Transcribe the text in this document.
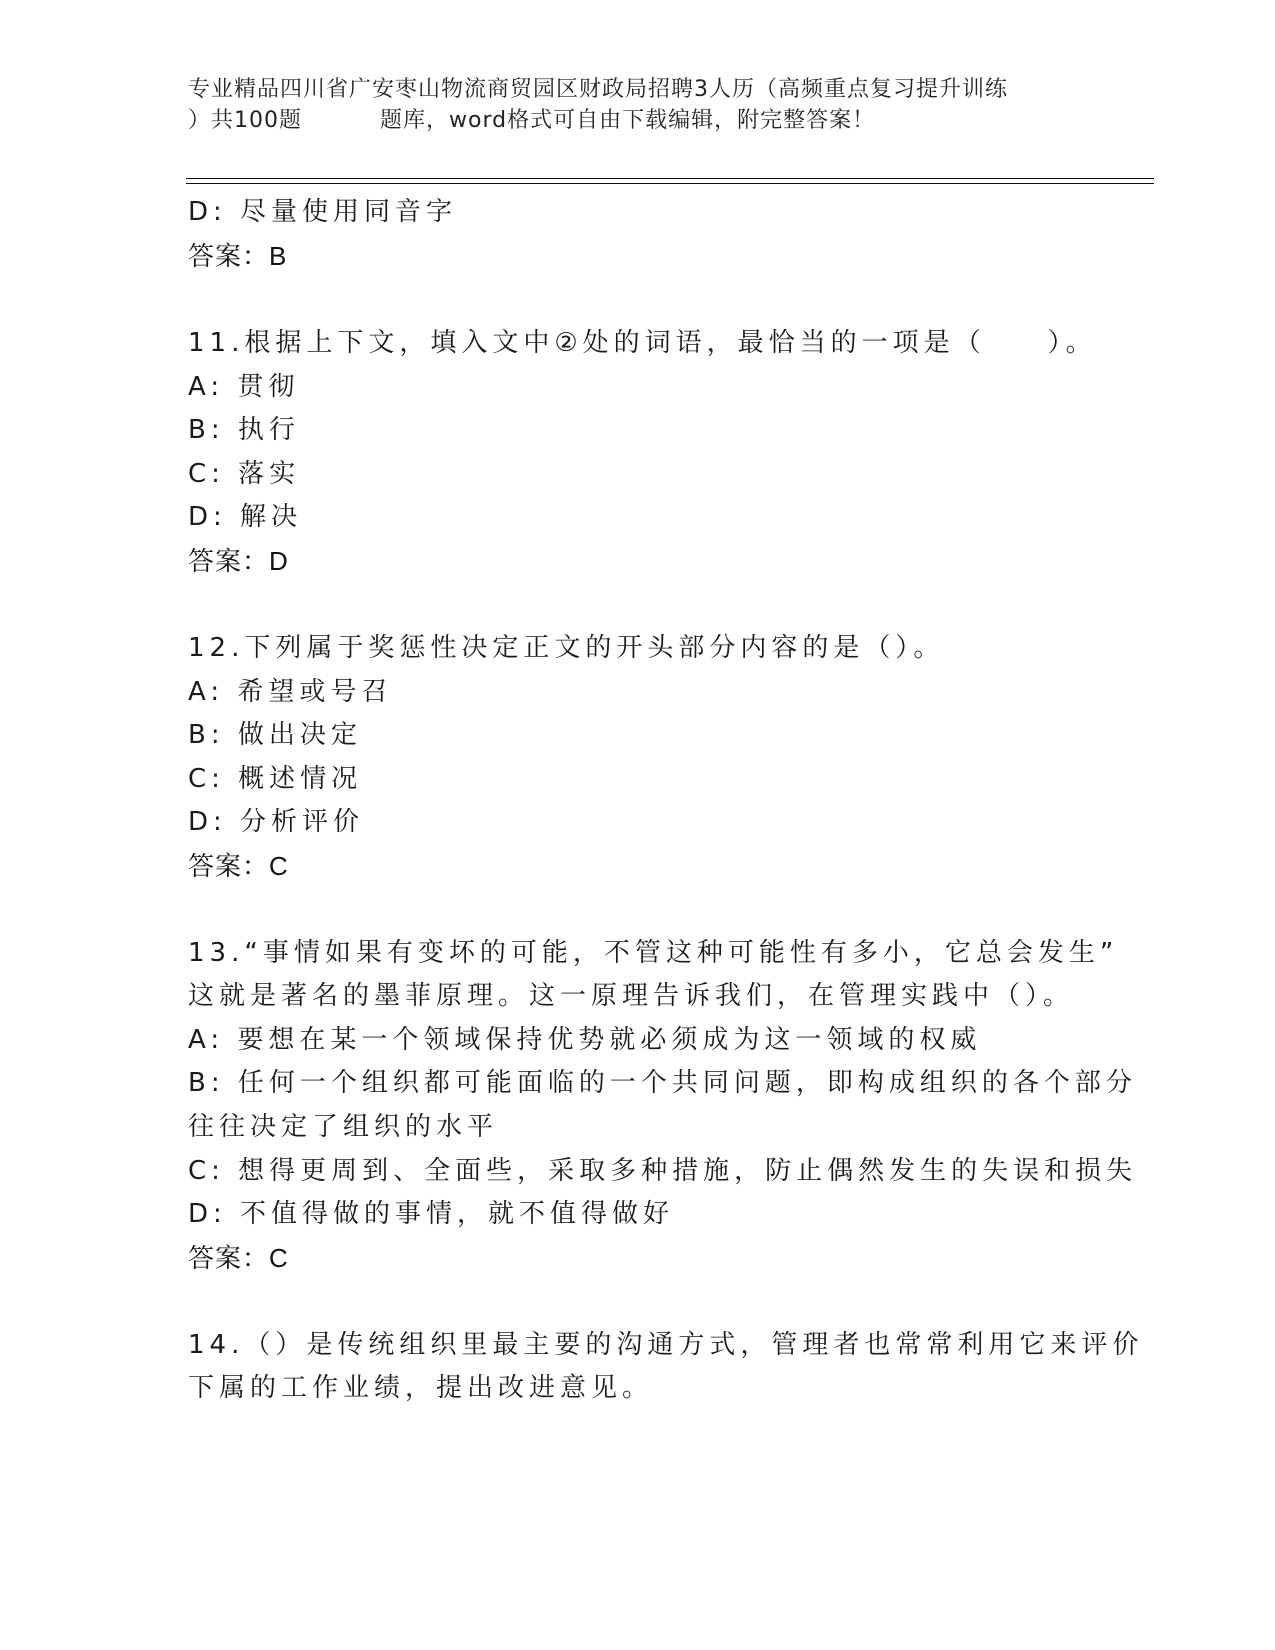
专业精品四川省广安枣山物流商贸园区财政局招聘3人历（高频重点复习提升训练
）共100题	题库，word格式可自由下载编辑，附完整答案！
D: 尽量使用同音字
答案：B
11.根据上下文，填入文中②处的词语，最恰当的一项是（　　）。
A: 贯彻
B: 执行
C: 落实
D: 解决
答案：D
12.下列属于奖惩性决定正文的开头部分内容的是（）。
A: 希望或号召
B: 做出决定
C: 概述情况
D: 分析评价
答案：C
13.“事情如果有变坏的可能，不管这种可能性有多小，它总会发生”
这就是著名的墨菲原理。这一原理告诉我们，在管理实践中（）。
A: 要想在某一个领域保持优势就必须成为这一领域的权威
B: 任何一个组织都可能面临的一个共同问题，即构成组织的各个部分
往往决定了组织的水平
C: 想得更周到、全面些，采取多种措施，防止偶然发生的失误和损失
D: 不值得做的事情，就不值得做好
答案：C
14.（）是传统组织里最主要的沟通方式，管理者也常常利用它来评价
下属的工作业绩，提出改进意见。
